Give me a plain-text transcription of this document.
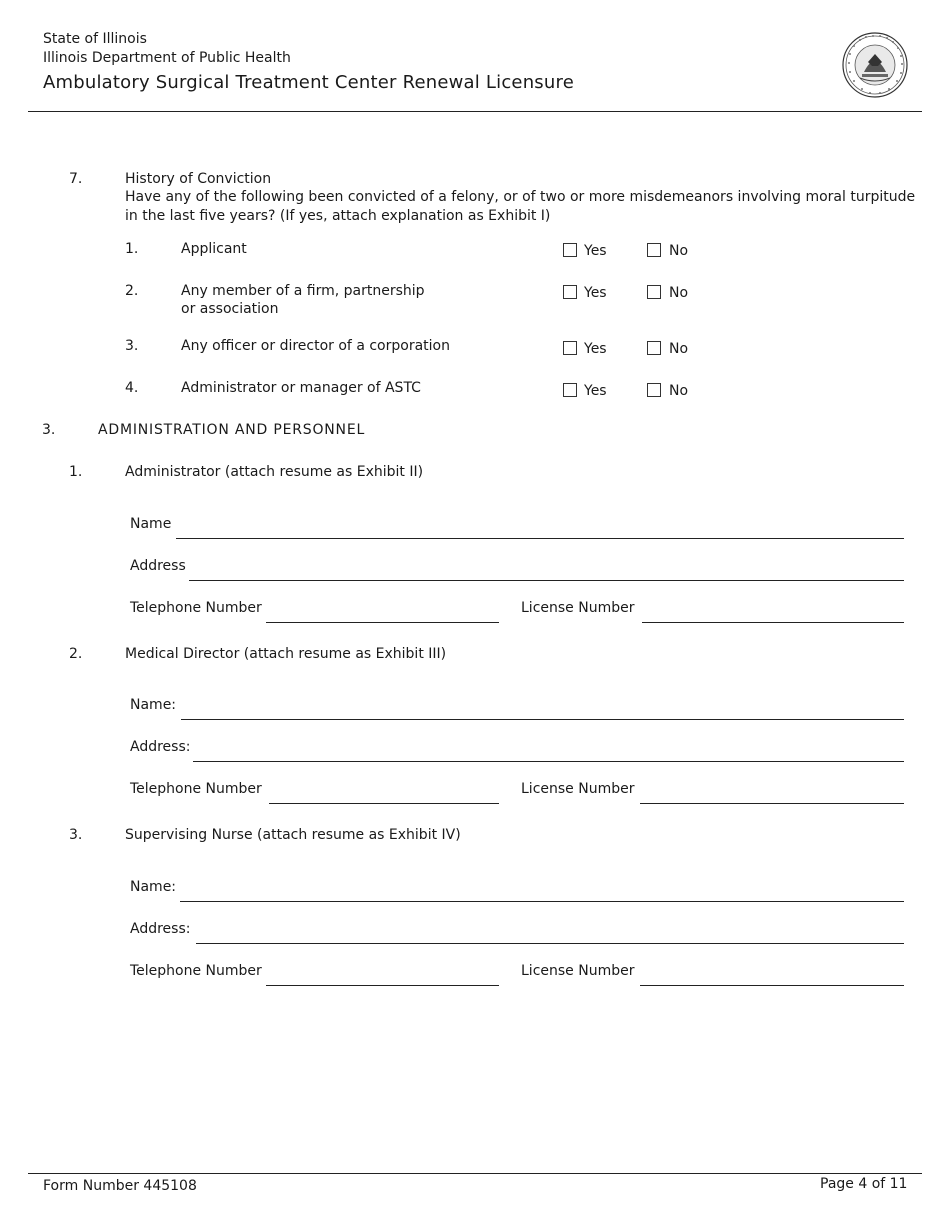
State of Illinois
Illinois Department of Public Health
Ambulatory Surgical Treatment Center Renewal Licensure
7.	History of Conviction
Have any of the following been convicted of a felony, or of two or more misdemeanors involving moral turpitude
in the last five years? (If yes, attach explanation as Exhibit I)
1.	Applicant	Yes	No
2.	Any member of a firm, partnership
or association
Yes	No
3.	Any officer or director of a corporation	Yes	No
4.	Administrator or manager of ASTC	Yes	No
3.	ADMINISTRATION AND PERSONNEL
1.	Administrator (attach resume as Exhibit II)
Name
Address
Telephone Number	License Number
2.	Medical Director (attach resume as Exhibit III)
Name:
Address:
Telephone Number	License Number
3.	Supervising Nurse (attach resume as Exhibit IV)
Name:
Address:
Telephone Number	License Number
Form Number 445108	Page 4 of 11
